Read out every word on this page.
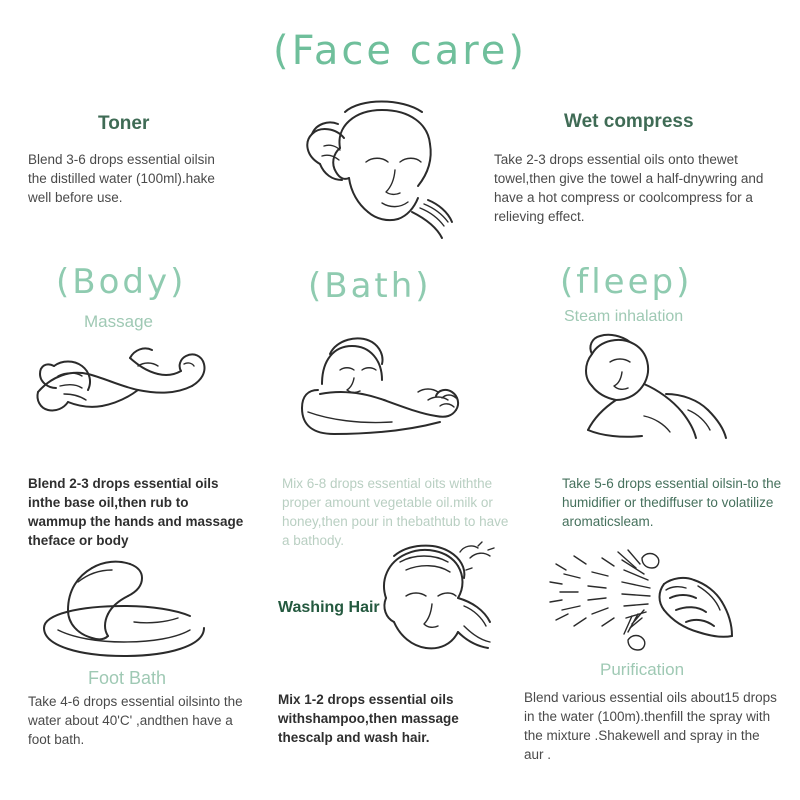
(Face care)
Toner
Blend 3-6 drops essential oilsin the distilled water (100ml).hake well before use.
Wet compress
Take 2-3 drops essential oils onto thewet towel,then give the towel a half-dnywring and have a hot compress or coolcompress for a relieving effect.
(Body)	(Bath)	(fleep)
Massage	Steam inhalation
Blend 2-3 drops essential oils inthe base oil,then rub to wammup the hands and massage theface or body
Mix 6-8 drops essential oits withthe proper amount vegetable oil.milk or honey,then pour in thebathtub to have a bathody.
Take 5-6 drops essential oilsin-to the humidifier or thediffuser to volatilize aromaticsleam.
Foot Bath
Take 4-6 drops essential oilsinto the water about 40'C' ,andthen have a foot bath.
Washing Hair
Mix 1-2 drops essential oils withshampoo,then massage thescalp and wash hair.
Purification
Blend various essential oils about15 drops in the water (100m).thenfill the spray with the mixture .Shakewell and spray in the aur .
